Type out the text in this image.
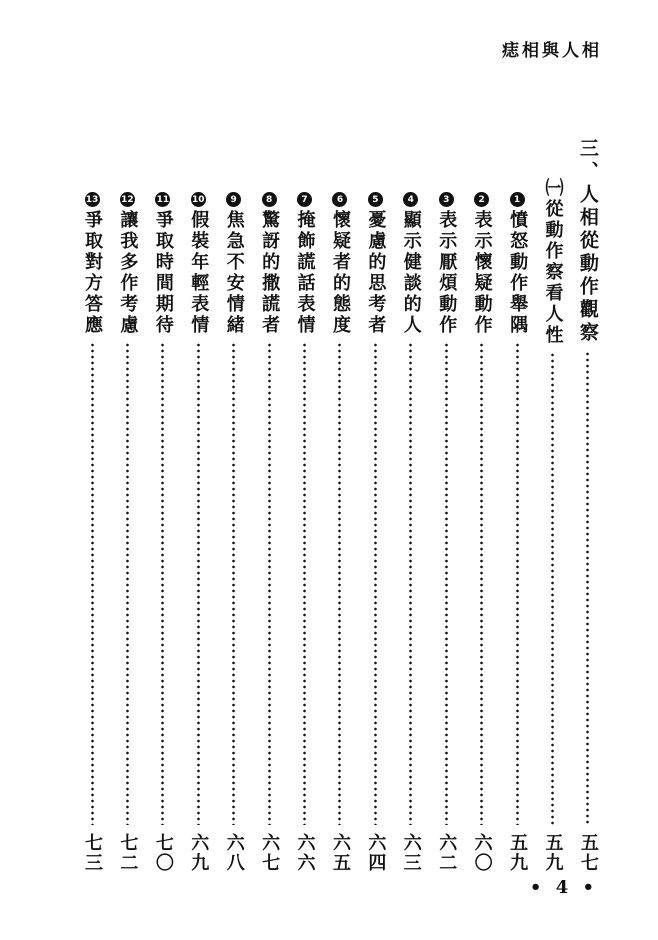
痣相與人相
三、人相從動作觀察
五七
㈠從動作察看人性
五九
1
憤怒動作舉隅
五九
2
表示懷疑動作
六〇
3
表示厭煩動作
六二
4
顯示健談的人
六三
5
憂慮的思考者
六四
6
懷疑者的態度
六五
7
掩飾謊話表情
六六
8
驚訝的撒謊者
六七
9
焦急不安情緒
六八
10
假裝年輕表情
六九
11
爭取時間期待
七〇
12
讓我多作考慮
七二
13
爭取對方答應
七三
• 4 •
